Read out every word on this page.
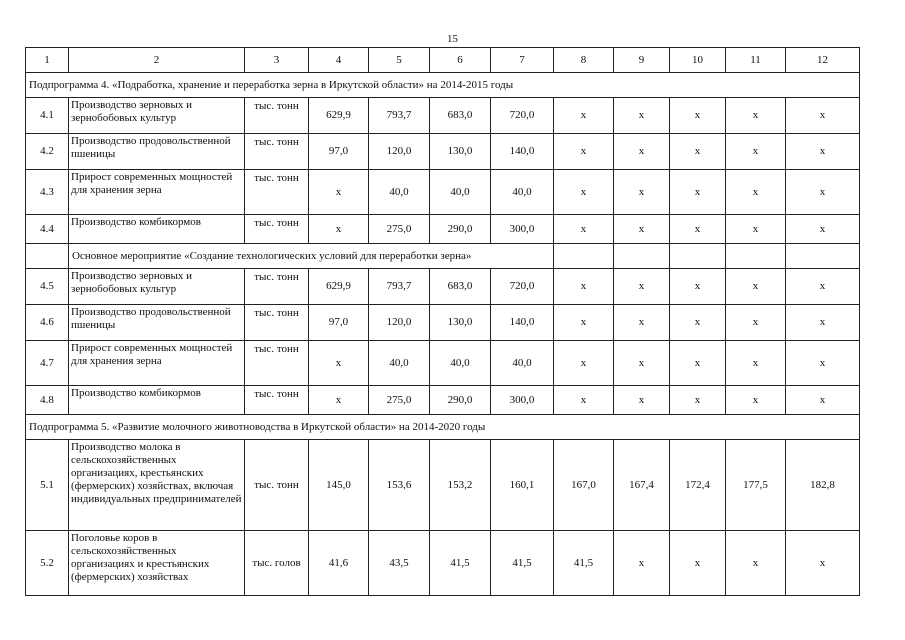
15
1	2	3	4	5	6	7	8	9	10	11	12
Подпрограмма 4. «Подработка, хранение и переработка зерна в Иркутской области» на 2014-2015 годы											
4.1	Производство зерновых и зернобобовых культур	тыс. тонн	629,9	793,7	683,0	720,0	x	x	x	x	x
4.2	Производство продовольственной пшеницы	тыс. тонн	97,0	120,0	130,0	140,0	x	x	x	x	x
4.3	Прирост современных мощностей для хранения зерна	тыс. тонн	x	40,0	40,0	40,0	x	x	x	x	x
4.4	Производство комбикормов	тыс. тонн	x	275,0	290,0	300,0	x	x	x	x	x
	Основное мероприятие «Создание технологических условий для переработки зерна»										
4.5	Производство зерновых и зернобобовых культур	тыс. тонн	629,9	793,7	683,0	720,0	x	x	x	x	x
4.6	Производство продовольственной пшеницы	тыс. тонн	97,0	120,0	130,0	140,0	x	x	x	x	x
4.7	Прирост современных мощностей для хранения зерна	тыс. тонн	x	40,0	40,0	40,0	x	x	x	x	x
4.8	Производство комбикормов	тыс. тонн	x	275,0	290,0	300,0	x	x	x	x	x
Подпрограмма 5. «Развитие молочного животноводства в Иркутской области» на 2014-2020 годы											
5.1	Производство молока в сельскохозяйственных организациях, крестьянских (фермерских) хозяйствах, включая индивидуальных предпринимателей	тыс. тонн	145,0	153,6	153,2	160,1	167,0	167,4	172,4	177,5	182,8
5.2	Поголовье коров в сельскохозяйственных организациях и крестьянских (фермерских) хозяйствах	тыс. голов	41,6	43,5	41,5	41,5	41,5	x	x	x	x
